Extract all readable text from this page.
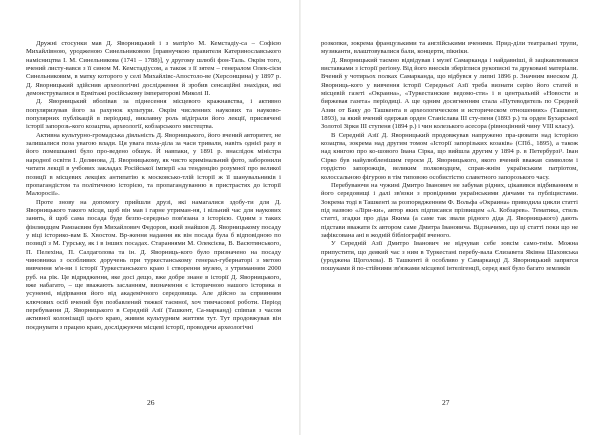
Дружні стосунки мав Д. Яворницький і з матір'ю М. Кемстадіу-са – Софією Михайлівною, уродженою Синельниковою [правнучкою правителя Катеринославського намісництва І. М. Синельникова (1741 – 1788)], у другому шлюбі фон-Таль. Окрім того, вчений листу-вався з її сином М. Кемстадіусом, а також з її зятем – генералом Олек-сієм Синельниковим, в матку которого у селі Михайлівс-Апостоло-ве (Херсонщина) у 1897 р. Д. Яворницький здійснив археологічні дослідження й зробив сенсаційні знахідки, які демонструвалися в Ермітажі російському імператорові Миколі II.

Д. Яворницький вболівав за піднесення місцевого кражнавства, і активно популяризував його за рахунок культури. Окрім численних наукових та науково-популярних публікацій в періодиці, виклавну роль відіграли його лекції, присвячені історії запорозь-кого козацтва, археології, кобзарського мистецтва.

Активна культурно-громадська діяльність Д. Яворницького, його вчений авторитет, не залишалися поза увагою влади. Ця увага пола-діла за часи тривали, навіть однієї разу в його помешканні було про-ведено обшук. Й навпаки, у 1891 р. внаслідок міністра народної освіти І. Делянова, Д. Яворницькому, як чисто кримінальний фото, заборонили читати лекції в учбових закладах Російської імперії «за тенденцію розумної про великої позиції в місцевих лекціях антипатію к московсько-тлій історії ж її шанувальників і пропагандістом та політичною історією, та пропагандуванню в пристрастях до історії Малоросії».

Проте знову на допомогу прийшли друзі, які намагалися здобу-ти для Д. Яворницького такого місця, щоб він мав і гарне утриман-ня, і вільний час для наукових занять, й щоб сама посада буде безпо-середньо пов'язана з історією. Одним з таких фінляндцем Рамзаєвим був Михайлович Федоров, який знайшов Д. Яворницькому посаду у віці історико-вам Б. Хвостом. Вр-ження надання як він посада була б відповідною по позиції з М. Гурську, як і в інших посадах. Стараннями М. Олексієва, В. Васютинського, П. Пелехіна, П. Салдаголова та ін. Д. Яворниць-кого було призначено на посаду чиновника з особливих доручень при туркестанському генерал-губернаторі з метою вивчення м'я-ни і історії Туркестанського краю і створення музею, з утриманням 2000 руб. на рік. Це відрядження, яке досі дещо, вже добре знане в історії Д. Яворницького, вже набагато, – ще вважають засланням, визначення є історичною нашого історика в усуненні, відірвання його від академічного середовища. Але дійсно за сприянням ключових осіб вчений був позбавлений тяжкої таємної, хоч тимчасової роботи. Період перебування Д. Яворницького в Середній Азії (Ташкент, Са-марканд) співпав з часом активної колонізації цього краю, живим культурним життям тут. Тут продовжував він поєднувати з працею краю, досліджуючи місцеві історії, проводячи археологічні

26

розкопки, зокрема французькими та англійськими вченими. Прид-діли театральні трупи, музиканти, влаштовувалися бали, концерти, пікніки.

Д. Яворницький таємно відвідував і музеї Самарканда і найдавніші, й зацікавлювався виставками з історії регіону. Від його внесків зберіглися рукописні та друковані матеріали. Вчений у чотирьох полках Самарканда, що відбувся у липні 1896 р. Значним внеском Д. Яворниць-кого у вивчення історії Середньої Азії треба визнати серію його статей в місцевій газеті «Окраина», «Туркестанские ведомо-сти» і в центральній «Новости и биржевая газета» періодиці. А ще одним досягненням стала «Путеводитель по Средней Азии от Баку до Ташкента в археологическом и историческом отношениях» (Ташкент, 1893), за який вчений одержав орден Станіслава ІІІ сту-пеня (1893 р.) та орден Бухарської Золотої Зірки ІІІ ступеня (1894 р.) і чин колезького асесора (рівноцінний чину VIII класу).

В Середній Азії Д. Яворницький продовжував напружено пра-цювати над історією козацтва, зокрема над другим томом «Історії запорізьких козаків» (СПб., 1895), а також над книгою про ко-шового Івана Сірка, що вийшла другим у 1894 р. в Петербурзі¹. Іван Сірко був найулюбленішим героєм Д. Яворницького, якого вчений вважав символом і гордістю запорожців, великим полководцем, справ-жнім українським патріотом, колоссальною фігурою в тім типовою особистістю славетного запорозького часу.

Перебуваючи на чужині Дмитро Іванович не забував рідних, цікавився відбиванням в його середовищі і далі зв'язки з провідними українськими діячами та публіцистами. Зокрема тоді в Ташкенті за розпорядженням Ф. Вольфа «Окраина» приводила цикли статті під назвою «Ліри-ки», автор яких підписався прізвищем «А. Кобзарев». Тематика, стиль статті, згадки про діда Якима (а саме так звали рідного діда Д. Яворницького) дають підстави вважати їх автором саме Дмитра Івановича. Відзначимо, що ці статті поки що не зафіксована ані в жодній бібліографії вченого.

У Середній Азії Дмитро Іванович не відчував себе зовсім само-тнім. Можна припустити, що деякий час з ним в Туркестані перебу-вала Єлизавета Яківна Шаховська (уроджена Щоголєва). В Ташкенті й особливо у Самарканді Д. Яворницький запрягся пошуками й по-стійними зв'язками місцевої інтелігенції, серед якої було багато земляків

27
